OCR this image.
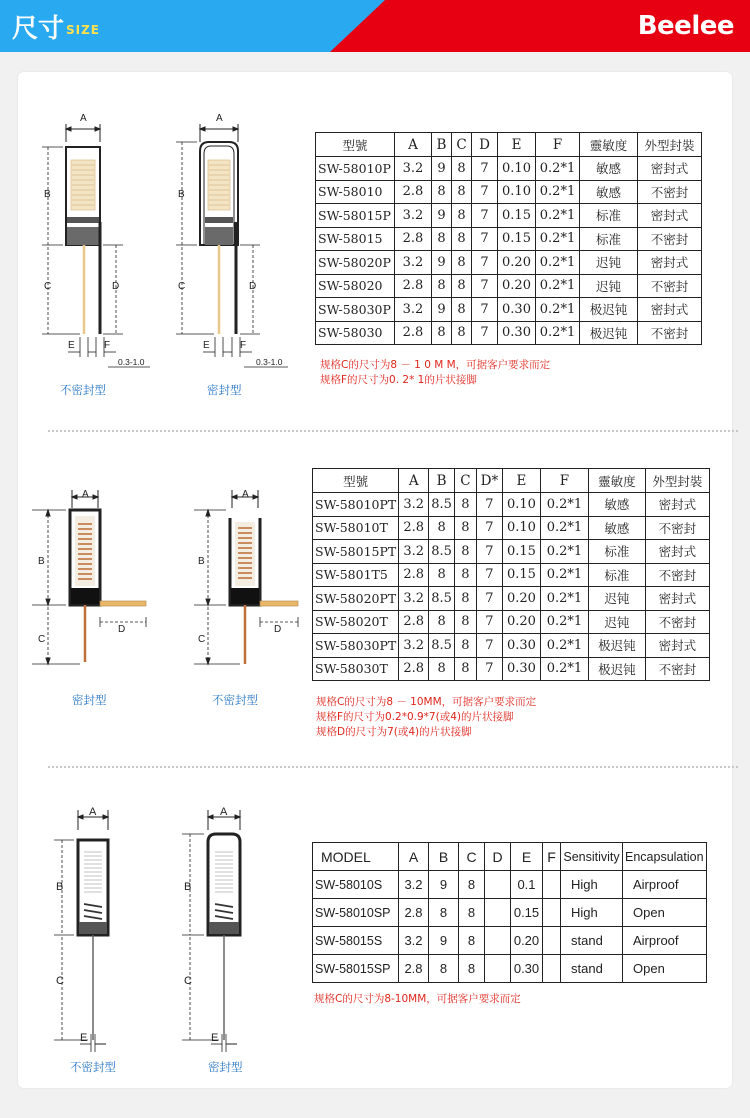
尺寸 SIZE	Beelee
A
B
C	D
E	F
0.3-1.0
A
B
C	D
E	F
0.3-1.0
A
B
C
D
A
B
C
D
A
B
C
E
A
B
C
E
不密封型	密封型
密封型	不密封型
不密封型	密封型
型號	A	B	C	D	E	F	靈敏度	外型封裝
SW-58010P	3.2	9	8	7	0.10	0.2*1	敏感	密封式
SW-58010	2.8	8	8	7	0.10	0.2*1	敏感	不密封
SW-58015P	3.2	9	8	7	0.15	0.2*1	标准	密封式
SW-58015	2.8	8	8	7	0.15	0.2*1	标准	不密封
SW-58020P	3.2	9	8	7	0.20	0.2*1	迟钝	密封式
SW-58020	2.8	8	8	7	0.20	0.2*1	迟钝	不密封
SW-58030P	3.2	9	8	7	0.30	0.2*1	极迟钝	密封式
SW-58030	2.8	8	8	7	0.30	0.2*1	极迟钝	不密封
规格C的尺寸为8 － 1 0 M M，可据客户要求而定
规格F的尺寸为0. 2* 1的片状接脚
型號	A	B	C	D*	E	F	靈敏度	外型封裝
SW-58010PT	3.2	8.5	8	7	0.10	0.2*1	敏感	密封式
SW-58010T	2.8	8	8	7	0.10	0.2*1	敏感	不密封
SW-58015PT	3.2	8.5	8	7	0.15	0.2*1	标准	密封式
SW-5801T5	2.8	8	8	7	0.15	0.2*1	标准	不密封
SW-58020PT	3.2	8.5	8	7	0.20	0.2*1	迟钝	密封式
SW-58020T	2.8	8	8	7	0.20	0.2*1	迟钝	不密封
SW-58030PT	3.2	8.5	8	7	0.30	0.2*1	极迟钝	密封式
SW-58030T	2.8	8	8	7	0.30	0.2*1	极迟钝	不密封
规格C的尺寸为8 － 10MM，可据客户要求而定
规格F的尺寸为0.2*0.9*7(或4)的片状接脚
规格D的尺寸为7(或4)的片状接脚
MODEL	A	B	C	D	E	F	Sensitivity	Encapsulation
SW-58010S	3.2	9	8		0.1		High	Airproof
SW-58010SP	2.8	8	8		0.15		High	Open
SW-58015S	3.2	9	8		0.20		stand	Airproof
SW-58015SP	2.8	8	8		0.30		stand	Open
规格C的尺寸为8-10MM，可据客户要求而定
